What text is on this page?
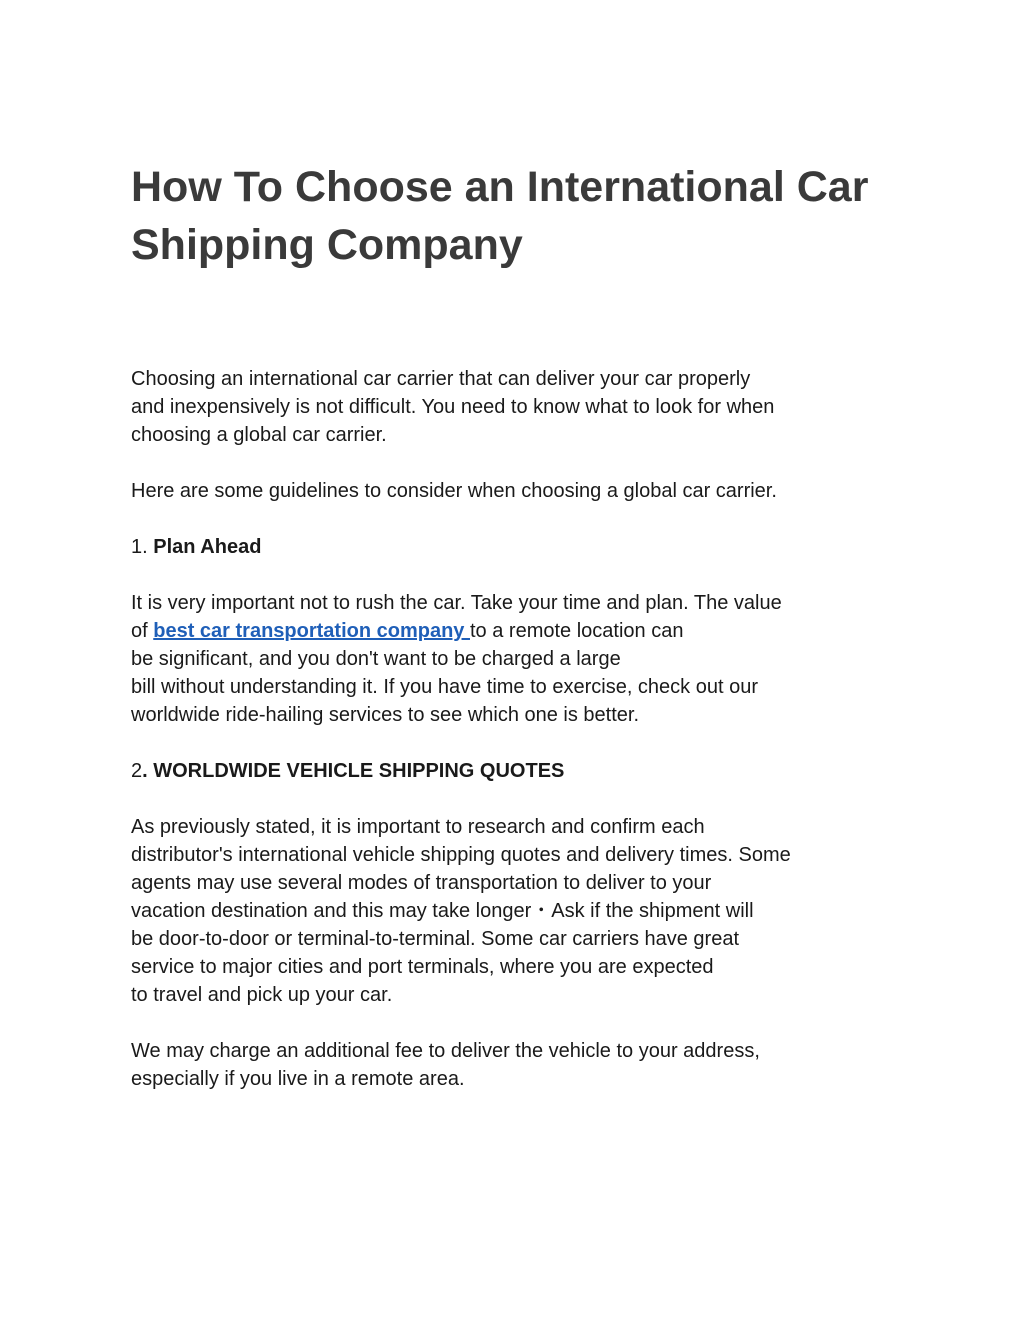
How To Choose an International Car
Shipping Company

Choosing an international car carrier that can deliver your car properly
and inexpensively is not difficult. You need to know what to look for when
choosing a global car carrier.

Here are some guidelines to consider when choosing a global car carrier.

1. Plan Ahead

It is very important not to rush the car. Take your time and plan. The value
of best car transportation company to a remote location can
be significant, and you don't want to be charged a large
bill without understanding it. If you have time to exercise, check out our
worldwide ride-hailing services to see which one is better.

2. WORLDWIDE VEHICLE SHIPPING QUOTES

As previously stated, it is important to research and confirm each
distributor's international vehicle shipping quotes and delivery times. Some
agents may use several modes of transportation to deliver to your
vacation destination and this may take longer・Ask if the shipment will
be door-to-door or terminal-to-terminal. Some car carriers have great
service to major cities and port terminals, where you are expected
to travel and pick up your car.

We may charge an additional fee to deliver the vehicle to your address,
especially if you live in a remote area.
